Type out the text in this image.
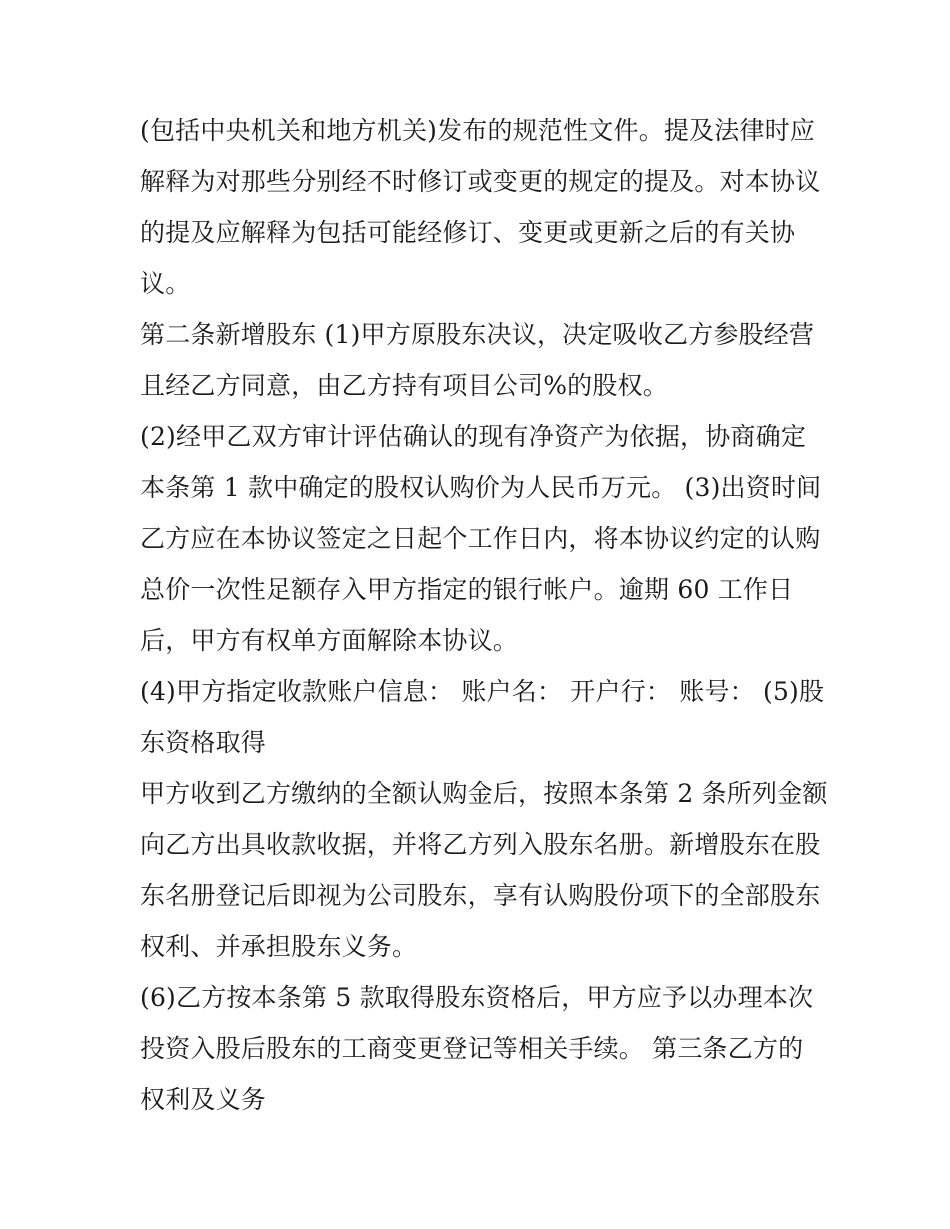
(包括中央机关和地方机关)发布的规范性文件。提及法律时应
解释为对那些分别经不时修订或变更的规定的提及。对本协议
的提及应解释为包括可能经修订、变更或更新之后的有关协
议。
第二条新增股东 (1)甲方原股东决议，决定吸收乙方参股经营
且经乙方同意，由乙方持有项目公司%的股权。
(2)经甲乙双方审计评估确认的现有净资产为依据，协商确定
本条第 1 款中确定的股权认购价为人民币万元。 (3)出资时间
乙方应在本协议签定之日起个工作日内，将本协议约定的认购
总价一次性足额存入甲方指定的银行帐户。逾期 60 工作日
后，甲方有权单方面解除本协议。
(4)甲方指定收款账户信息： 账户名： 开户行： 账号： (5)股
东资格取得
甲方收到乙方缴纳的全额认购金后，按照本条第 2 条所列金额
向乙方出具收款收据，并将乙方列入股东名册。新增股东在股
东名册登记后即视为公司股东，享有认购股份项下的全部股东
权利、并承担股东义务。
(6)乙方按本条第 5 款取得股东资格后，甲方应予以办理本次
投资入股后股东的工商变更登记等相关手续。 第三条乙方的
权利及义务
